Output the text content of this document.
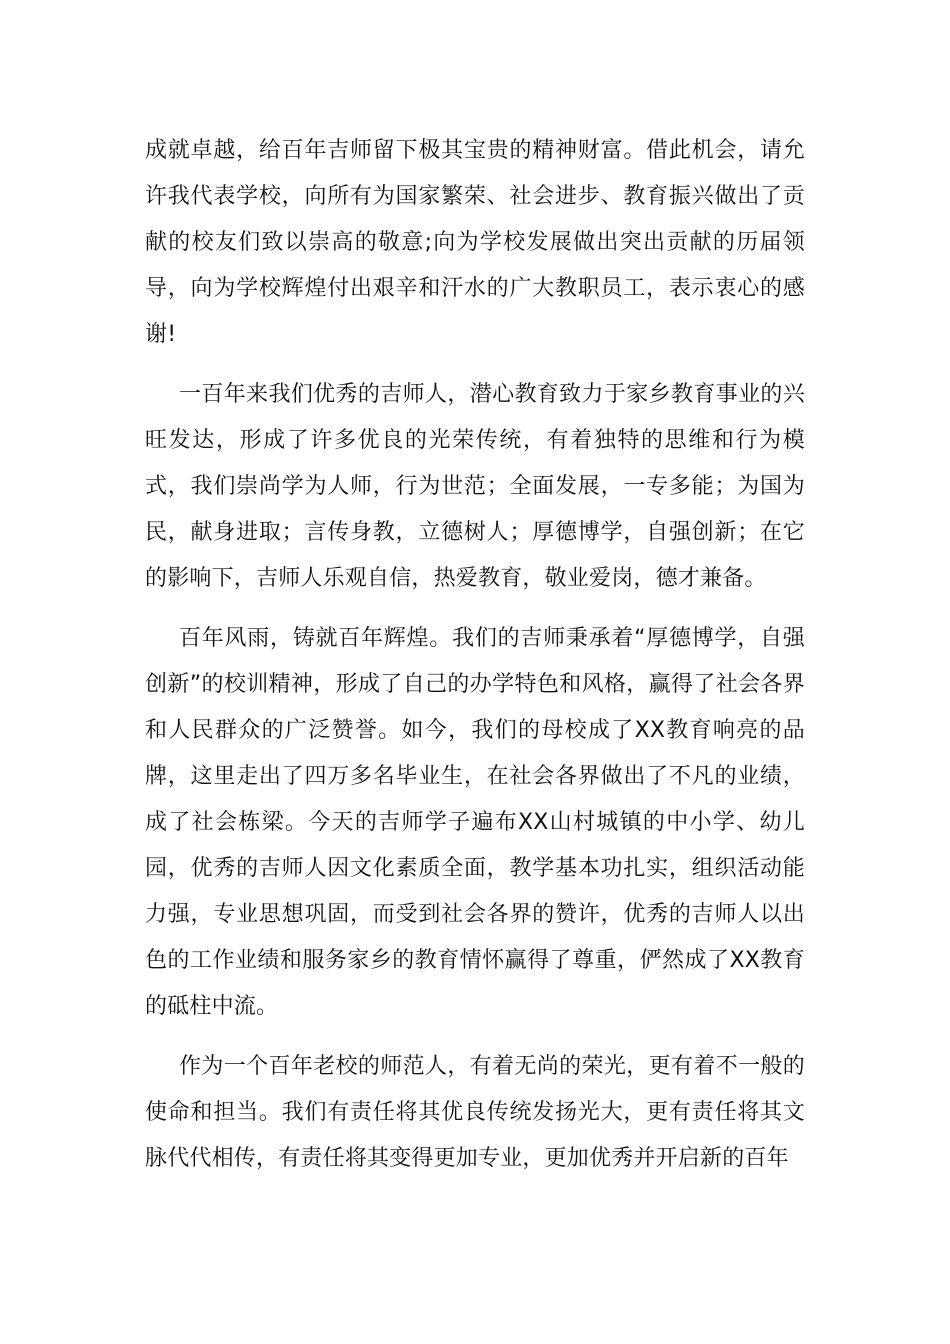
成就卓越，给百年吉师留下极其宝贵的精神财富。借此机会，请允许我代表学校，向所有为国家繁荣、社会进步、教育振兴做出了贡献的校友们致以崇高的敬意;向为学校发展做出突出贡献的历届领导，向为学校辉煌付出艰辛和汗水的广大教职员工，表示衷心的感谢!

一百年来我们优秀的吉师人，潜心教育致力于家乡教育事业的兴旺发达，形成了许多优良的光荣传统，有着独特的思维和行为模式，我们崇尚学为人师，行为世范；全面发展，一专多能；为国为民，献身进取；言传身教，立德树人；厚德博学，自强创新；在它的影响下，吉师人乐观自信，热爱教育，敬业爱岗，德才兼备。

百年风雨，铸就百年辉煌。我们的吉师秉承着“厚德博学，自强创新”的校训精神，形成了自己的办学特色和风格，赢得了社会各界和人民群众的广泛赞誉。如今，我们的母校成了XX教育响亮的品牌，这里走出了四万多名毕业生，在社会各界做出了不凡的业绩，成了社会栋梁。今天的吉师学子遍布XX山村城镇的中小学、幼儿园，优秀的吉师人因文化素质全面，教学基本功扎实，组织活动能力强，专业思想巩固，而受到社会各界的赞许，优秀的吉师人以出色的工作业绩和服务家乡的教育情怀赢得了尊重，俨然成了XX教育的砥柱中流。

作为一个百年老校的师范人，有着无尚的荣光，更有着不一般的使命和担当。我们有责任将其优良传统发扬光大，更有责任将其文脉代代相传，有责任将其变得更加专业，更加优秀并开启新的百年
